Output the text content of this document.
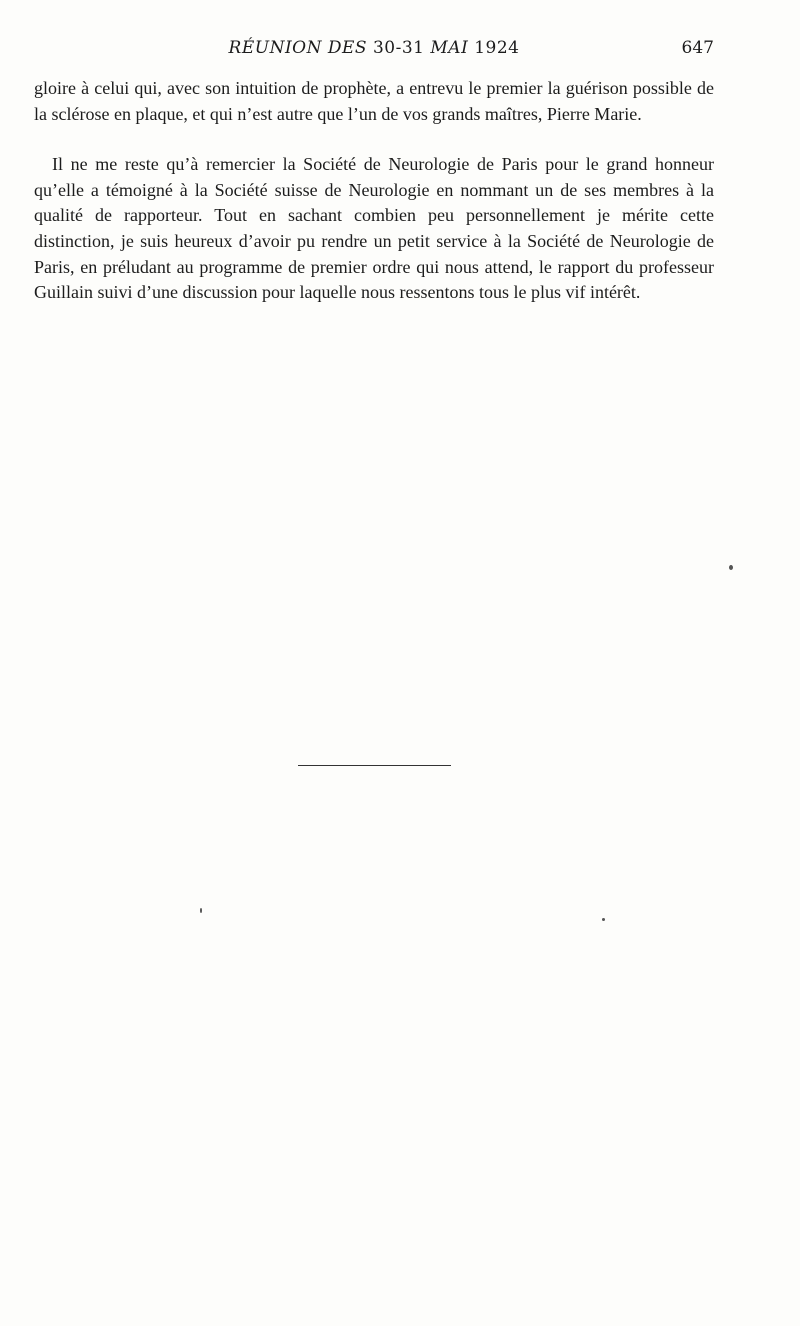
RÉUNION DES 30-31 MAI 1924	647

gloire à celui qui, avec son intuition de prophète, a entrevu le premier la guérison possible de la sclérose en plaque, et qui n’est autre que l’un de vos grands maîtres, Pierre Marie.

Il ne me reste qu’à remercier la Société de Neurologie de Paris pour le grand honneur qu’elle a témoigné à la Société suisse de Neurologie en nommant un de ses membres à la qualité de rapporteur. Tout en sachant combien peu personnellement je mérite cette distinction, je suis heureux d’avoir pu rendre un petit service à la Société de Neurologie de Paris, en préludant au programme de premier ordre qui nous attend, le rapport du professeur Guillain suivi d’une discussion pour laquelle nous ressentons tous le plus vif intérêt.
